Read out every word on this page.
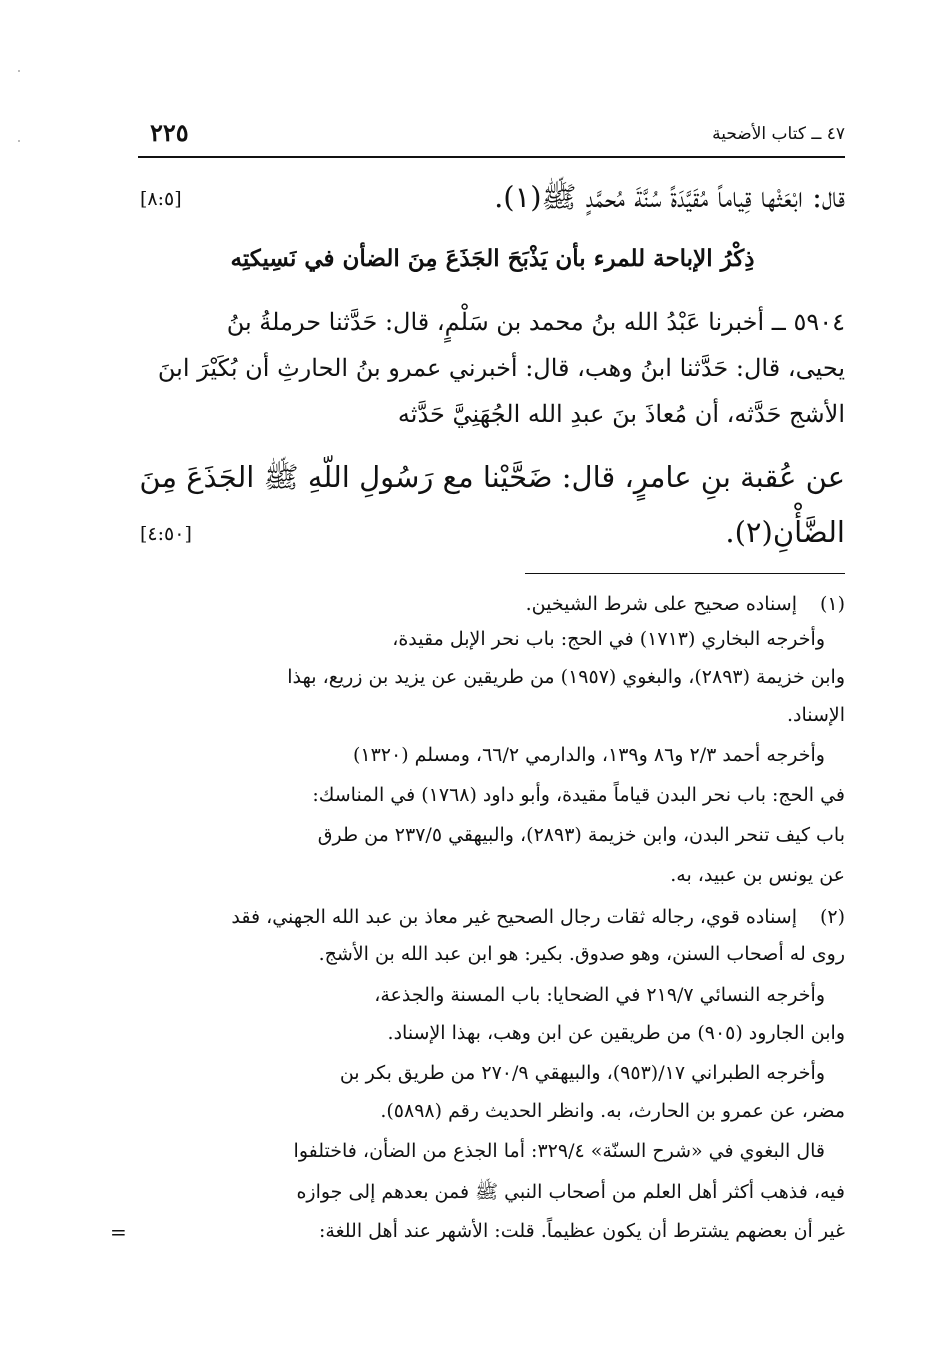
٤٧ ــ كتاب الأضحية
٢٢٥
قال: ابْعَثْها قِياماً مُقَيَّدَةً سُنَّةَ مُحمَّدٍ ﷺ(١).
[٨:٥]
ذِكْرُ الإباحة للمرء بأن يَذْبَحَ الجَذَعَ مِنَ الضأن في نَسِيكتِه
٥٩٠٤ ــ أخبرنا عَبْدُ الله بنُ محمد بن سَلْمٍ، قال: حَدَّثنا حرملةُ بنُ
يحيى، قال: حَدَّثنا ابنُ وهب، قال: أخبرني عمرو بنُ الحارثِ أن بُكَيْرَ ابنَ
الأشج حَدَّثه، أن مُعاذَ بنَ عبدِ الله الجُهَنِيَّ حَدَّثه
عن عُقبة بنِ عامرٍ، قال: ضَحَّيْنا مع رَسُولِ اللّهِ ﷺ الجَذَعَ مِنَ
الضَّأْنِ(٢).
[٤:٥٠]
(١)
إسناده صحيح على شرط الشيخين.
وأخرجه البخاري (١٧١٣) في الحج: باب نحر الإبل مقيدة،
وابن خزيمة (٢٨٩٣)، والبغوي (١٩٥٧) من طريقين عن يزيد بن زريع، بهذا
الإسناد.
وأخرجه أحمد ٢/٣ و٨٦ و١٣٩، والدارمي ٦٦/٢، ومسلم (١٣٢٠)
في الحج: باب نحر البدن قياماً مقيدة، وأبو داود (١٧٦٨) في المناسك:
باب كيف تنحر البدن، وابن خزيمة (٢٨٩٣)، والبيهقي ٢٣٧/٥ من طرق
عن يونس بن عبيد، به.
(٢)
إسناده قوي، رجاله ثقات رجال الصحيح غير معاذ بن عبد الله الجهني، فقد
روى له أصحاب السنن، وهو صدوق. بكير: هو ابن عبد الله بن الأشج.
وأخرجه النسائي ٢١٩/٧ في الضحايا: باب المسنة والجذعة،
وابن الجارود (٩٠٥) من طريقين عن ابن وهب، بهذا الإسناد.
وأخرجه الطبراني ١٧/(٩٥٣)، والبيهقي ٢٧٠/٩ من طريق بكر بن
مضر، عن عمرو بن الحارث، به. وانظر الحديث رقم (٥٨٩٨).
قال البغوي في «شرح السنّة» ٣٢٩/٤: أما الجذع من الضأن، فاختلفوا
فيه، فذهب أكثر أهل العلم من أصحاب النبي ﷺ فمن بعدهم إلى جوازه
غير أن بعضهم يشترط أن يكون عظيماً. قلت: الأشهر عند أهل اللغة:
=
